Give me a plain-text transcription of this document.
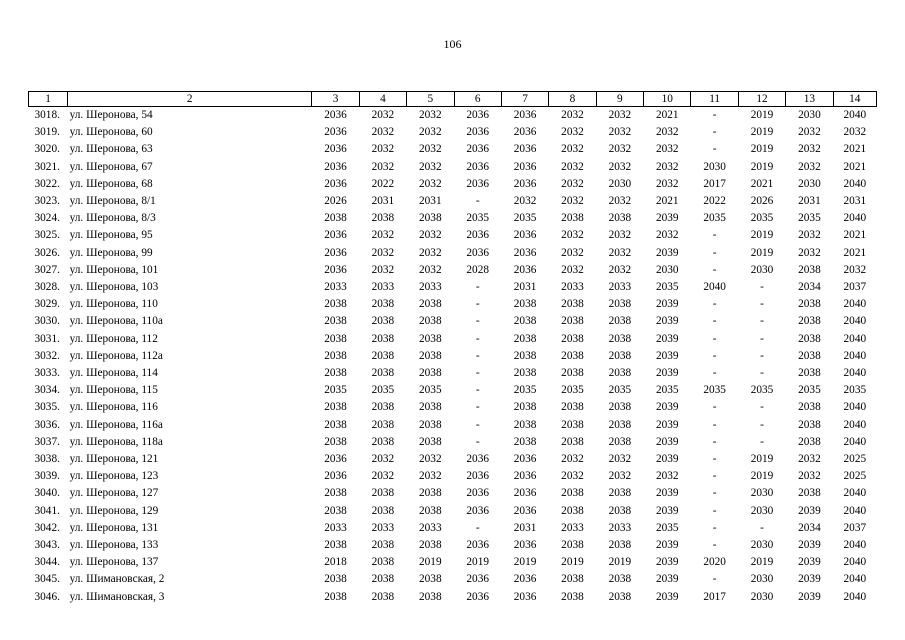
106
1	2	3	4	5	6	7	8	9	10	11	12	13	14
3018.	ул. Шеронова, 54	2036	2032	2032	2036	2036	2032	2032	2021	-	2019	2030	2040
3019.	ул. Шеронова, 60	2036	2032	2032	2036	2036	2032	2032	2032	-	2019	2032	2032
3020.	ул. Шеронова, 63	2036	2032	2032	2036	2036	2032	2032	2032	-	2019	2032	2021
3021.	ул. Шеронова, 67	2036	2032	2032	2036	2036	2032	2032	2032	2030	2019	2032	2021
3022.	ул. Шеронова, 68	2036	2022	2032	2036	2036	2032	2030	2032	2017	2021	2030	2040
3023.	ул. Шеронова, 8/1	2026	2031	2031	-	2032	2032	2032	2021	2022	2026	2031	2031
3024.	ул. Шеронова, 8/3	2038	2038	2038	2035	2035	2038	2038	2039	2035	2035	2035	2040
3025.	ул. Шеронова, 95	2036	2032	2032	2036	2036	2032	2032	2032	-	2019	2032	2021
3026.	ул. Шеронова, 99	2036	2032	2032	2036	2036	2032	2032	2039	-	2019	2032	2021
3027.	ул. Шеронова, 101	2036	2032	2032	2028	2036	2032	2032	2030	-	2030	2038	2032
3028.	ул. Шеронова, 103	2033	2033	2033	-	2031	2033	2033	2035	2040	-	2034	2037
3029.	ул. Шеронова, 110	2038	2038	2038	-	2038	2038	2038	2039	-	-	2038	2040
3030.	ул. Шеронова, 110а	2038	2038	2038	-	2038	2038	2038	2039	-	-	2038	2040
3031.	ул. Шеронова, 112	2038	2038	2038	-	2038	2038	2038	2039	-	-	2038	2040
3032.	ул. Шеронова, 112а	2038	2038	2038	-	2038	2038	2038	2039	-	-	2038	2040
3033.	ул. Шеронова, 114	2038	2038	2038	-	2038	2038	2038	2039	-	-	2038	2040
3034.	ул. Шеронова, 115	2035	2035	2035	-	2035	2035	2035	2035	2035	2035	2035	2035
3035.	ул. Шеронова, 116	2038	2038	2038	-	2038	2038	2038	2039	-	-	2038	2040
3036.	ул. Шеронова, 116а	2038	2038	2038	-	2038	2038	2038	2039	-	-	2038	2040
3037.	ул. Шеронова, 118а	2038	2038	2038	-	2038	2038	2038	2039	-	-	2038	2040
3038.	ул. Шеронова, 121	2036	2032	2032	2036	2036	2032	2032	2039	-	2019	2032	2025
3039.	ул. Шеронова, 123	2036	2032	2032	2036	2036	2032	2032	2032	-	2019	2032	2025
3040.	ул. Шеронова, 127	2038	2038	2038	2036	2036	2038	2038	2039	-	2030	2038	2040
3041.	ул. Шеронова, 129	2038	2038	2038	2036	2036	2038	2038	2039	-	2030	2039	2040
3042.	ул. Шеронова, 131	2033	2033	2033	-	2031	2033	2033	2035	-	-	2034	2037
3043.	ул. Шеронова, 133	2038	2038	2038	2036	2036	2038	2038	2039	-	2030	2039	2040
3044.	ул. Шеронова, 137	2018	2038	2019	2019	2019	2019	2019	2039	2020	2019	2039	2040
3045.	ул. Шимановская, 2	2038	2038	2038	2036	2036	2038	2038	2039	-	2030	2039	2040
3046.	ул. Шимановская, 3	2038	2038	2038	2036	2036	2038	2038	2039	2017	2030	2039	2040
